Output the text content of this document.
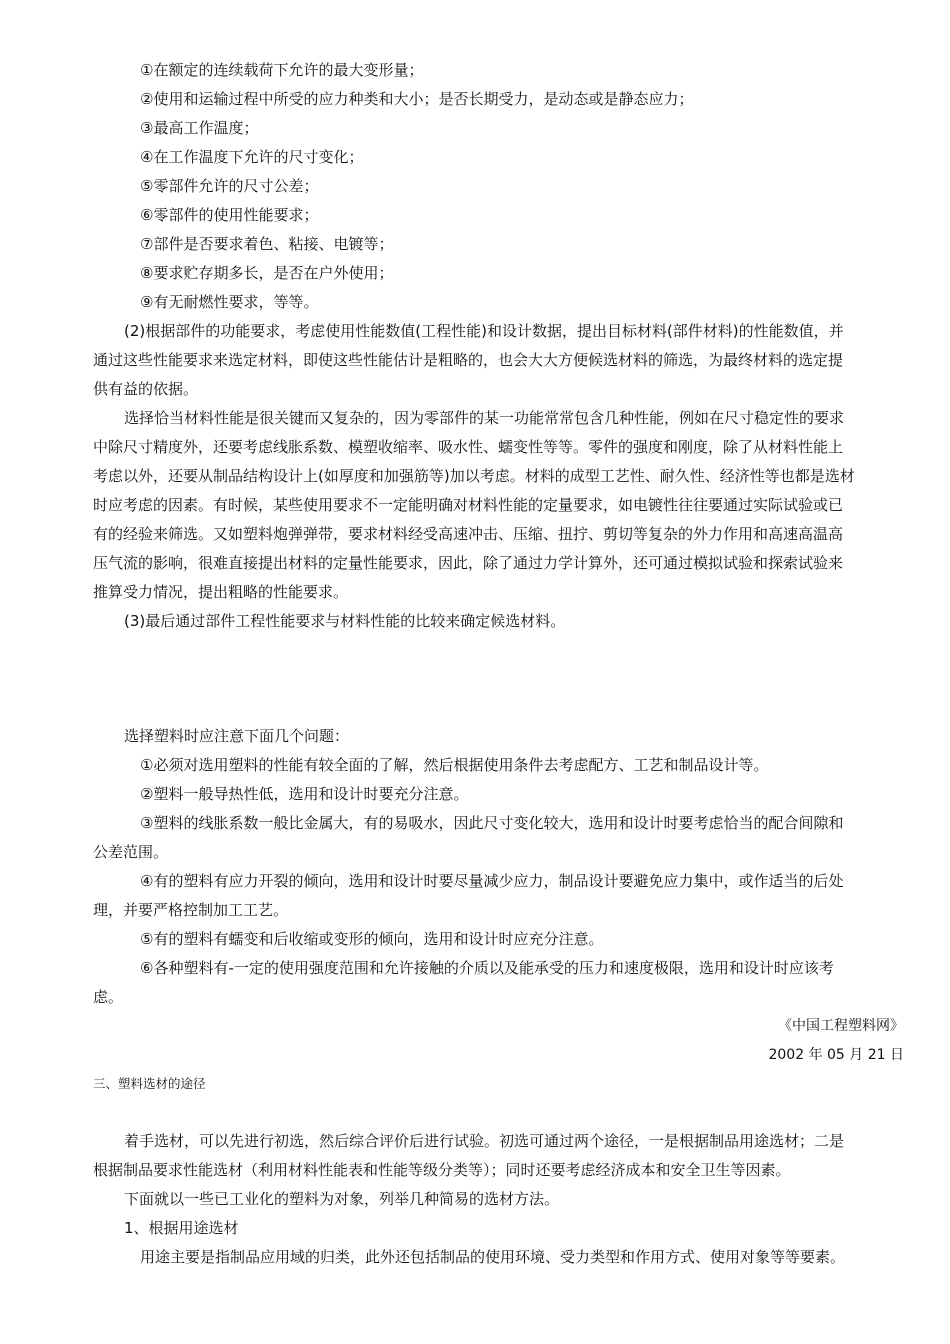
①在额定的连续载荷下允许的最大变形量；
②使用和运输过程中所受的应力种类和大小；是否长期受力，是动态或是静态应力；
③最高工作温度；
④在工作温度下允许的尺寸变化；
⑤零部件允许的尺寸公差；
⑥零部件的使用性能要求；
⑦部件是否要求着色、粘接、电镀等；
⑧要求贮存期多长，是否在户外使用；
⑨有无耐燃性要求，等等。
(2)根据部件的功能要求，考虑使用性能数值(工程性能)和设计数据，提出目标材料(部件材料)的性能数值，并
通过这些性能要求来选定材料，即使这些性能估计是粗略的，也会大大方便候选材料的筛选，为最终材料的选定提
供有益的依据。
选择恰当材料性能是很关键而又复杂的，因为零部件的某一功能常常包含几种性能，例如在尺寸稳定性的要求
中除尺寸精度外，还要考虑线胀系数、模塑收缩率、吸水性、蠕变性等等。零件的强度和刚度，除了从材料性能上
考虑以外，还要从制品结构设计上(如厚度和加强筋等)加以考虑。材料的成型工艺性、耐久性、经济性等也都是选材
时应考虑的因素。有时候，某些使用要求不一定能明确对材料性能的定量要求，如电镀性往往要通过实际试验或已
有的经验来筛选。又如塑料炮弹弹带，要求材料经受高速冲击、压缩、扭拧、剪切等复杂的外力作用和高速高温高
压气流的影响，很难直接提出材料的定量性能要求，因此，除了通过力学计算外，还可通过模拟试验和探索试验来
推算受力情况，提出粗略的性能要求。
(3)最后通过部件工程性能要求与材料性能的比较来确定候选材料。
选择塑料时应注意下面几个问题：
①必须对选用塑料的性能有较全面的了解，然后根据使用条件去考虑配方、工艺和制品设计等。
②塑料一般导热性低，选用和设计时要充分注意。
③塑料的线胀系数一般比金属大，有的易吸水，因此尺寸变化较大，选用和设计时要考虑恰当的配合间隙和
公差范围。
④有的塑料有应力开裂的倾向，选用和设计时要尽量减少应力，制品设计要避免应力集中，或作适当的后处
理，并要严格控制加工工艺。
⑤有的塑料有蠕变和后收缩或变形的倾向，选用和设计时应充分注意。
⑥各种塑料有-一定的使用强度范围和允许接触的介质以及能承受的压力和速度极限，选用和设计时应该考
虑。
《中国工程塑料网》
2002 年 05 月 21 日
三、塑料选材的途径
着手选材，可以先进行初选，然后综合评价后进行试验。初选可通过两个途径，一是根据制品用途选材；二是
根据制品要求性能选材（利用材料性能表和性能等级分类等）；同时还要考虑经济成本和安全卫生等因素。
下面就以一些已工业化的塑料为对象，列举几种简易的选材方法。
1、根据用途选材
用途主要是指制品应用域的归类，此外还包括制品的使用环境、受力类型和作用方式、使用对象等等要素。
